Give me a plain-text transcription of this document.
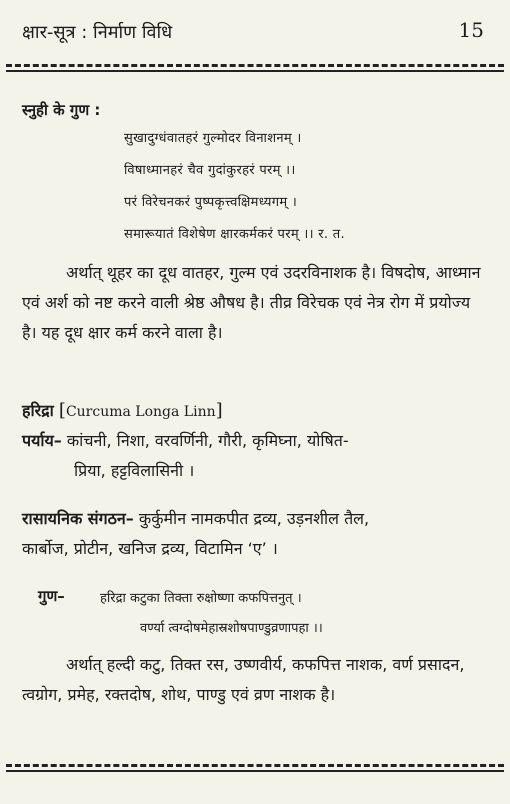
क्षार-सूत्र : निर्माण विधि	15
स्नुही के गुण :
सुखादुग्धंवातहरं गुल्मोदर विनाशनम् ।
विषाध्मानहरं चैव गुदांकुरहरं परम् ।।
परं विरेचनकरं पुष्पकृत्त्वक्षिमध्यगम् ।
समारूयातं विशेषेण क्षारकर्मकरं परम् ।। र. त.
अर्थात् थूहर का दूध वातहर, गुल्म एवं उदरविनाशक है। विषदोष, आध्मान एवं अर्श को नष्ट करने वाली श्रेष्ठ औषध है। तीव्र विरेचक एवं नेत्र रोग में प्रयोज्य है। यह दूध क्षार कर्म करने वाला है।
हरिद्रा [Curcuma Longa Linn]
पर्याय– कांचनी, निशा, वरवर्णिनी, गौरी, कृमिघ्ना, योषित-
प्रिया, हट्टविलासिनी ।
रासायनिक संगठन– कुर्कुमीन नामकपीत द्रव्य, उड़नशील तैल,
कार्बोज, प्रोटीन, खनिज द्रव्य, विटामिन ‘ए’ ।
गुण–	हरिद्रा कटुका तिक्ता रुक्षोष्णा कफपित्तनुत् ।
वर्ण्या त्वग्दोषमेहास्रशोषपाण्डुव्रणापहा ।।
अर्थात् हल्दी कटु, तिक्त रस, उष्णवीर्य, कफपित्त नाशक, वर्ण प्रसादन, त्वग्रोग, प्रमेह, रक्तदोष, शोथ, पाण्डु एवं व्रण नाशक है।
